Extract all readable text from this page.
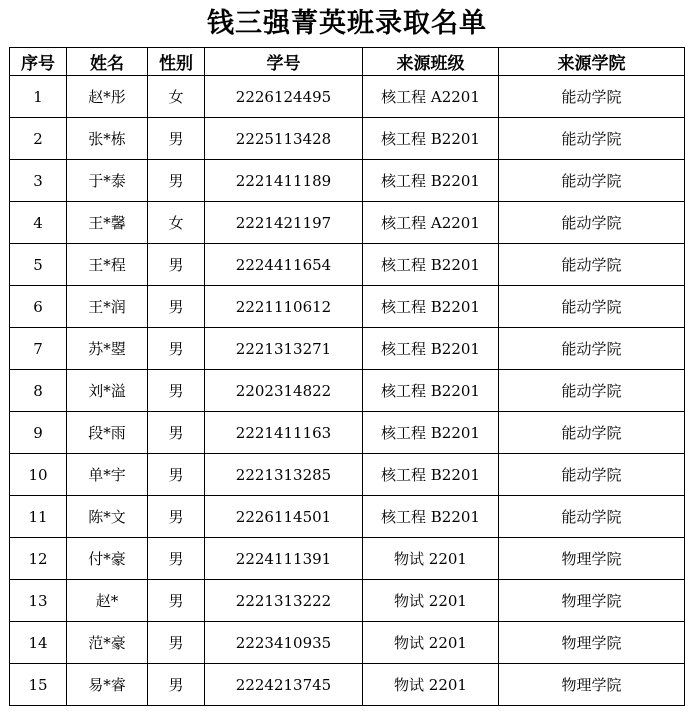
钱三强菁英班录取名单
序号	姓名	性别	学号	来源班级	来源学院
1	赵*彤	女	2226124495	核工程 A2201	能动学院
2	张*栋	男	2225113428	核工程 B2201	能动学院
3	于*泰	男	2221411189	核工程 B2201	能动学院
4	王*馨	女	2221421197	核工程 A2201	能动学院
5	王*程	男	2224411654	核工程 B2201	能动学院
6	王*润	男	2221110612	核工程 B2201	能动学院
7	苏*曌	男	2221313271	核工程 B2201	能动学院
8	刘*溢	男	2202314822	核工程 B2201	能动学院
9	段*雨	男	2221411163	核工程 B2201	能动学院
10	单*宇	男	2221313285	核工程 B2201	能动学院
11	陈*文	男	2226114501	核工程 B2201	能动学院
12	付*豪	男	2224111391	物试 2201	物理学院
13	赵*	男	2221313222	物试 2201	物理学院
14	范*豪	男	2223410935	物试 2201	物理学院
15	易*睿	男	2224213745	物试 2201	物理学院
